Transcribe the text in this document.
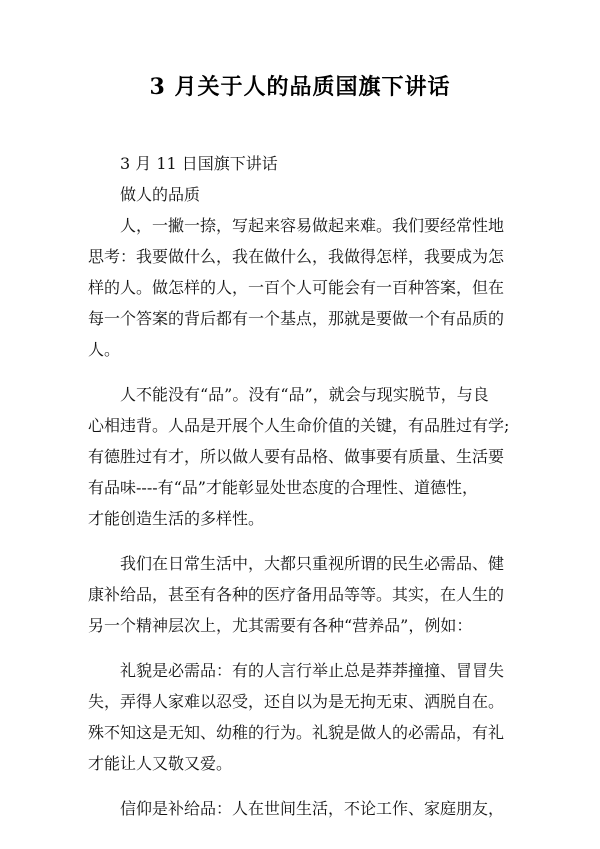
3 月关于人的品质国旗下讲话
3 月 11 日国旗下讲话
做人的品质
人，一撇一捺，写起来容易做起来难。我们要经常性地
思考：我要做什么，我在做什么，我做得怎样，我要成为怎
样的人。做怎样的人，一百个人可能会有一百种答案，但在
每一个答案的背后都有一个基点，那就是要做一个有品质的
人。
人不能没有“品”。没有“品”，就会与现实脱节，与良
心相违背。人品是开展个人生命价值的关键，有品胜过有学;
有德胜过有才，所以做人要有品格、做事要有质量、生活要
有品味----有“品”才能彰显处世态度的合理性、道德性，
才能创造生活的多样性。
我们在日常生活中，大都只重视所谓的民生必需品、健
康补给品，甚至有各种的医疗备用品等等。其实，在人生的
另一个精神层次上，尤其需要有各种“营养品”，例如：
礼貌是必需品：有的人言行举止总是莽莽撞撞、冒冒失
失，弄得人家难以忍受，还自以为是无拘无束、洒脱自在。
殊不知这是无知、幼稚的行为。礼貌是做人的必需品，有礼
才能让人又敬又爱。
信仰是补给品：人在世间生活，不论工作、家庭朋友，
